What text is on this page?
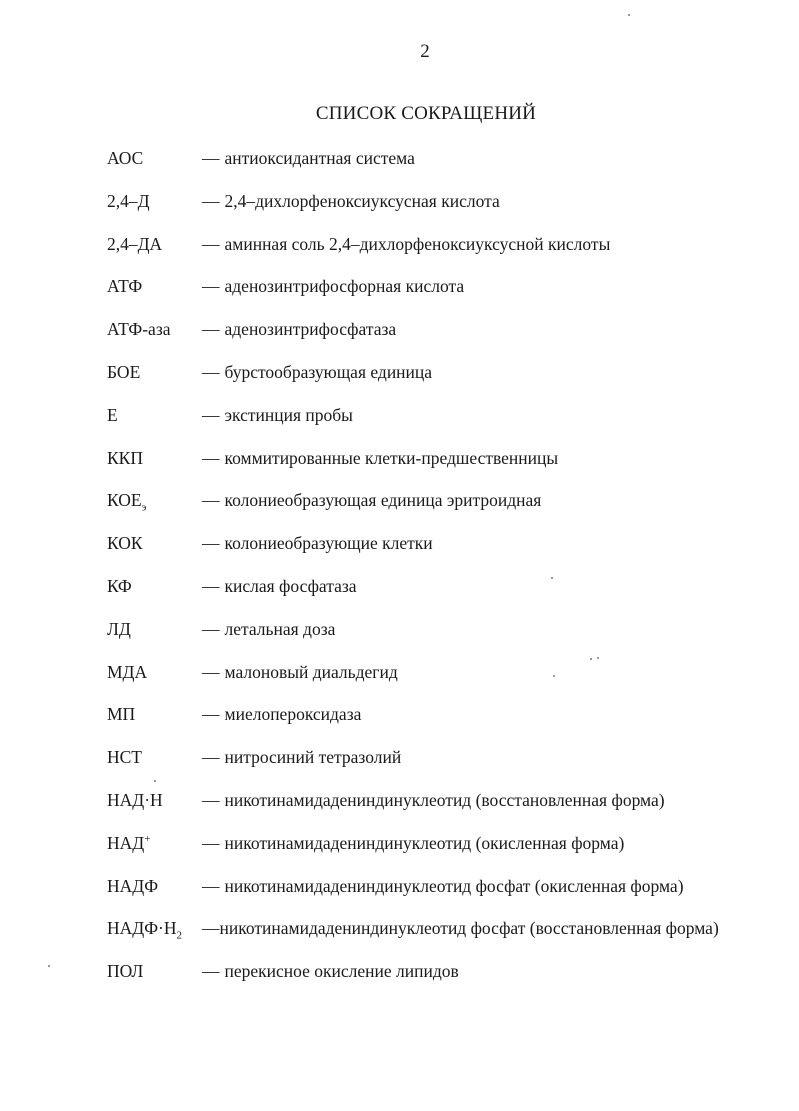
2
СПИСОК СОКРАЩЕНИЙ
АОС	— антиоксидантная система
2,4–Д	— 2,4–дихлорфеноксиуксусная кислота
2,4–ДА	— аминная соль 2,4–дихлорфеноксиуксусной кислоты
АТФ	— аденозинтрифосфорная кислота
АТФ-аза	— аденозинтрифосфатаза
БОЕ	— бурстообразующая единица
Е	— экстинция пробы
ККП	— коммитированные клетки-предшественницы
$КОЕ_э$	— колониеобразующая единица эритроидная
КОК	— колониеобразующие клетки
КФ	— кислая фосфатаза
ЛД	— летальная доза
МДА	— малоновый диальдегид
МП	— миелопероксидаза
НСТ	— нитросиний тетразолий
НАД·Н	— никотинамидадениндинуклеотид (восстановленная форма)
НАД+	— никотинамидадениндинуклеотид (окисленная форма)
НАДФ	— никотинамидадениндинуклеотид фосфат (окисленная форма)
$НАДФ\cdot Н_2$	— никотинамидадениндинуклеотид фосфат (восстановленная форма)
ПОЛ	— перекисное окисление липидов
